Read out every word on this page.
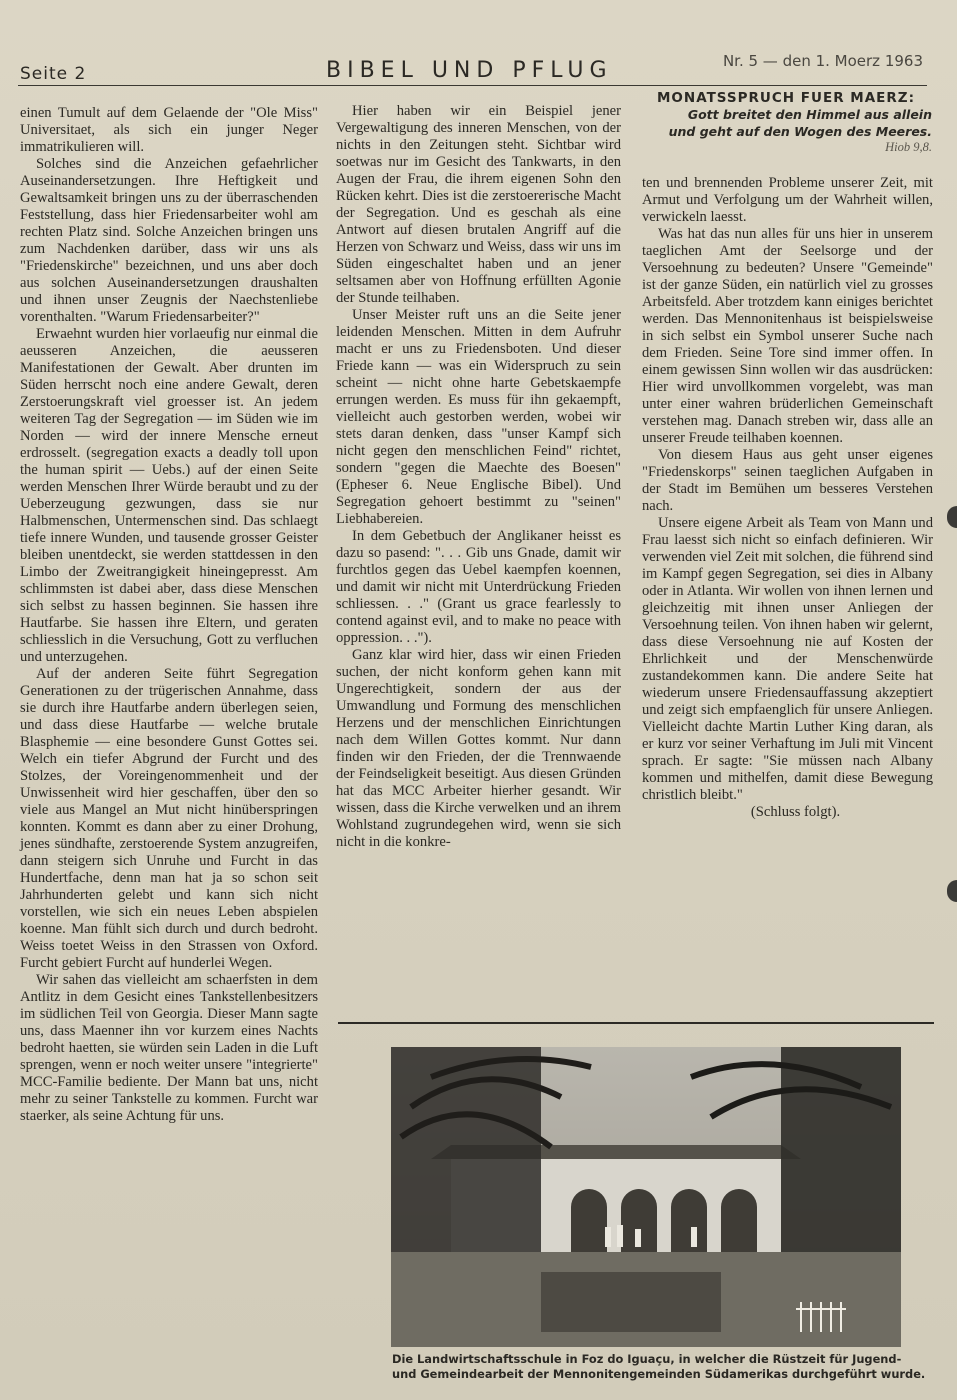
Seite 2	BIBEL UND PFLUG	Nr. 5 — den 1. Moerz 1963

einen Tumult auf dem Gelaende der "Ole Miss" Universitaet, als sich ein junger Neger immatrikulieren will.

Solches sind die Anzeichen gefaehrlicher Auseinandersetzungen. Ihre Heftigkeit und Gewaltsamkeit bringen uns zu der überraschenden Feststellung, dass hier Friedensarbeiter wohl am rechten Platz sind. Solche Anzeichen bringen uns zum Nachdenken darüber, dass wir uns als "Friedenskirche" bezeichnen, und uns aber doch aus solchen Auseinandersetzungen draushalten und ihnen unser Zeugnis der Naechstenliebe vorenthalten. "Warum Friedensarbeiter?"

Erwaehnt wurden hier vorlaeufig nur einmal die aeusseren Anzeichen, die aeusseren Manifestationen der Gewalt. Aber drunten im Süden herrscht noch eine andere Gewalt, deren Zerstoerungskraft viel groesser ist. An jedem weiteren Tag der Segregation — im Süden wie im Norden — wird der innere Mensche erneut erdrosselt. (segregation exacts a deadly toll upon the human spirit — Uebs.) auf der einen Seite werden Menschen Ihrer Würde beraubt und zu der Ueberzeugung gezwungen, dass sie nur Halbmenschen, Untermenschen sind. Das schlaegt tiefe innere Wunden, und tausende grosser Geister bleiben unentdeckt, sie werden stattdessen in den Limbo der Zweitrangigkeit hineingepresst. Am schlimmsten ist dabei aber, dass diese Menschen sich selbst zu hassen beginnen. Sie hassen ihre Hautfarbe. Sie hassen ihre Eltern, und geraten schliesslich in die Versuchung, Gott zu verfluchen und unterzugehen.

Auf der anderen Seite führt Segregation Generationen zu der trügerischen Annahme, dass sie durch ihre Hautfarbe andern überlegen seien, und dass diese Hautfarbe — welche brutale Blasphemie — eine besondere Gunst Gottes sei. Welch ein tiefer Abgrund der Furcht und des Stolzes, der Voreingenommenheit und der Unwissenheit wird hier geschaffen, über den so viele aus Mangel an Mut nicht hinüberspringen konnten. Kommt es dann aber zu einer Drohung, jenes sündhafte, zerstoerende System anzugreifen, dann steigern sich Unruhe und Furcht in das Hundertfache, denn man hat ja so schon seit Jahrhunderten gelebt und kann sich nicht vorstellen, wie sich ein neues Leben abspielen koenne. Man fühlt sich durch und durch bedroht. Weiss toetet Weiss in den Strassen von Oxford. Furcht gebiert Furcht auf hunderlei Wegen.

Wir sahen das vielleicht am schaerfsten in dem Antlitz in dem Gesicht eines Tankstellenbesitzers im südlichen Teil von Georgia. Dieser Mann sagte uns, dass Maenner ihn vor kurzem eines Nachts bedroht haetten, sie würden sein Laden in die Luft sprengen, wenn er noch weiter unsere "integrierte" MCC-Familie bediente. Der Mann bat uns, nicht mehr zu seiner Tankstelle zu kommen. Furcht war staerker, als seine Achtung für uns.

Hier haben wir ein Beispiel jener Vergewaltigung des inneren Menschen, von der nichts in den Zeitungen steht. Sichtbar wird soetwas nur im Gesicht des Tankwarts, in den Augen der Frau, die ihrem eigenen Sohn den Rücken kehrt. Dies ist die zerstoererische Macht der Segregation. Und es geschah als eine Antwort auf diesen brutalen Angriff auf die Herzen von Schwarz und Weiss, dass wir uns im Süden eingeschaltet haben und an jener seltsamen aber von Hoffnung erfüllten Agonie der Stunde teilhaben.

Unser Meister ruft uns an die Seite jener leidenden Menschen. Mitten in dem Aufruhr macht er uns zu Friedensboten. Und dieser Friede kann — was ein Widerspruch zu sein scheint — nicht ohne harte Gebetskaempfe errungen werden. Es muss für ihn gekaempft, vielleicht auch gestorben werden, wobei wir stets daran denken, dass "unser Kampf sich nicht gegen den menschlichen Feind" richtet, sondern "gegen die Maechte des Boesen" (Epheser 6. Neue Englische Bibel). Und Segregation gehoert bestimmt zu "seinen" Liebhabereien.

In dem Gebetbuch der Anglikaner heisst es dazu so pasend: ". . . Gib uns Gnade, damit wir furchtlos gegen das Uebel kaempfen koennen, und damit wir nicht mit Unterdrückung Frieden schliessen. . ." (Grant us grace fearlessly to contend against evil, and to make no peace with oppression. . .").

Ganz klar wird hier, dass wir einen Frieden suchen, der nicht konform gehen kann mit Ungerechtigkeit, sondern der aus der Umwandlung und Formung des menschlichen Herzens und der menschlichen Einrichtungen nach dem Willen Gottes kommt. Nur dann finden wir den Frieden, der die Trennwaende der Feindseligkeit beseitigt. Aus diesen Gründen hat das MCC Arbeiter hierher gesandt. Wir wissen, dass die Kirche verwelken und an ihrem Wohlstand zugrundegehen wird, wenn sie sich nicht in die konkre-

MONATSSPRUCH FUER MAERZ:
Gott breitet den Himmel aus allein
und geht auf den Wogen des Meeres.
Hiob 9,8.

ten und brennenden Probleme unserer Zeit, mit Armut und Verfolgung um der Wahrheit willen, verwickeln laesst.

Was hat das nun alles für uns hier in unserem taeglichen Amt der Seelsorge und der Versoehnung zu bedeuten? Unsere "Gemeinde" ist der ganze Süden, ein natürlich viel zu grosses Arbeitsfeld. Aber trotzdem kann einiges berichtet werden. Das Mennonitenhaus ist beispielsweise in sich selbst ein Symbol unserer Suche nach dem Frieden. Seine Tore sind immer offen. In einem gewissen Sinn wollen wir das ausdrücken: Hier wird unvollkommen vorgelebt, was man unter einer wahren brüderlichen Gemeinschaft verstehen mag. Danach streben wir, dass alle an unserer Freude teilhaben koennen.

Von diesem Haus aus geht unser eigenes "Friedenskorps" seinen taeglichen Aufgaben in der Stadt im Bemühen um besseres Verstehen nach.

Unsere eigene Arbeit als Team von Mann und Frau laesst sich nicht so einfach definieren. Wir verwenden viel Zeit mit solchen, die führend sind im Kampf gegen Segregation, sei dies in Albany oder in Atlanta. Wir wollen von ihnen lernen und gleichzeitig mit ihnen unser Anliegen der Versoehnung teilen. Von ihnen haben wir gelernt, dass diese Versoehnung nie auf Kosten der Ehrlichkeit und der Menschenwürde zustandekommen kann. Die andere Seite hat wiederum unsere Friedensauffassung akzeptiert und zeigt sich empfaenglich für unsere Anliegen. Vielleicht dachte Martin Luther King daran, als er kurz vor seiner Verhaftung im Juli mit Vincent sprach. Er sagte: "Sie müssen nach Albany kommen und mithelfen, damit diese Bewegung christlich bleibt."

(Schluss folgt).

Die Landwirtschaftsschule in Foz do Iguaçu, in welcher die Rüstzeit für Jugend-
und Gemeindearbeit der Mennonitengemeinden Südamerikas durchgeführt wurde.
